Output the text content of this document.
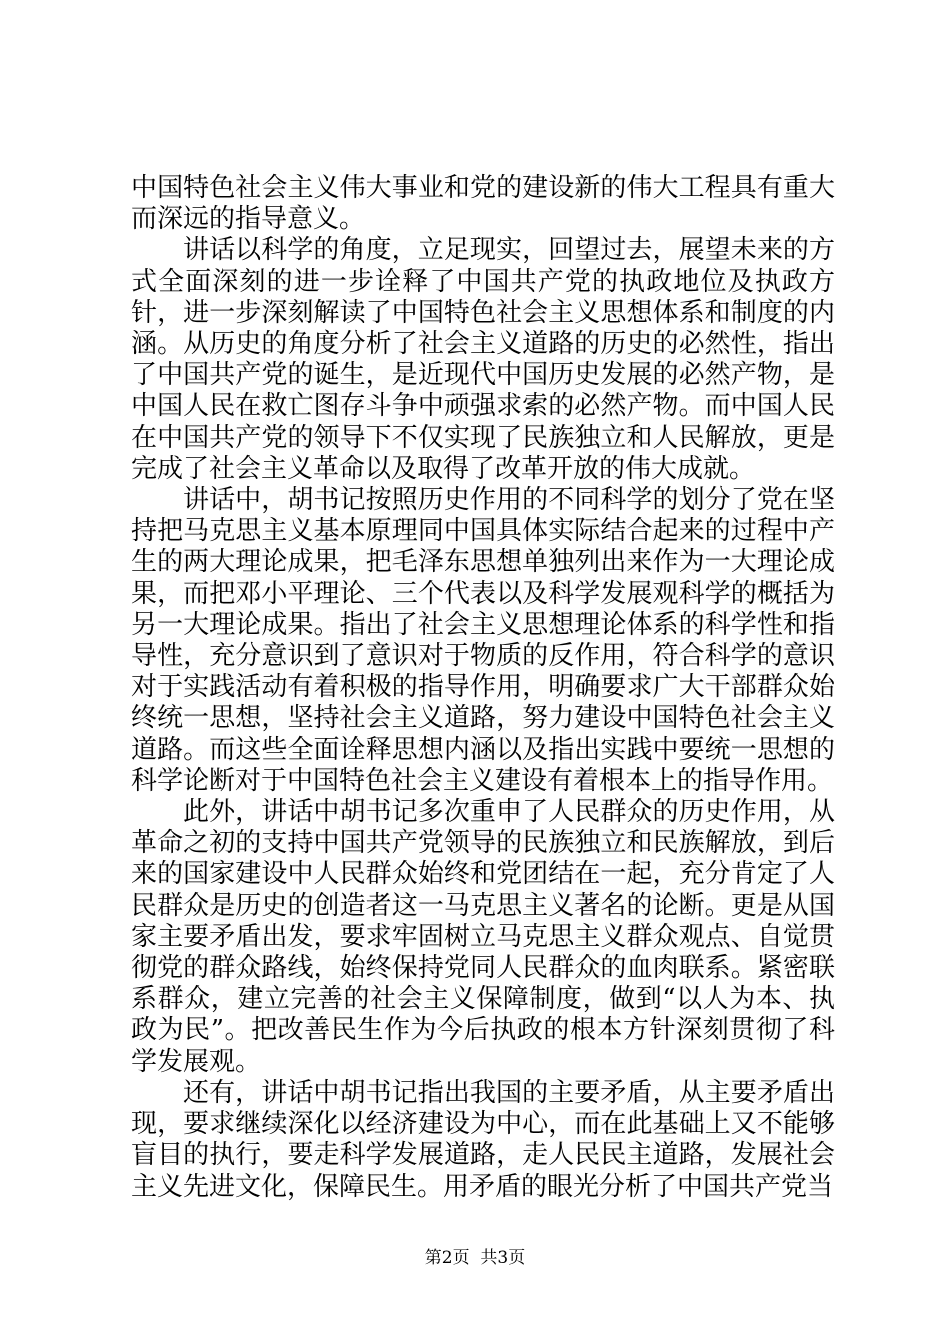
中国特色社会主义伟大事业和党的建设新的伟大工程具有重大而深远的指导意义。

讲话以科学的角度，立足现实，回望过去，展望未来的方式全面深刻的进一步诠释了中国共产党的执政地位及执政方针，进一步深刻解读了中国特色社会主义思想体系和制度的内涵。从历史的角度分析了社会主义道路的历史的必然性，指出了中国共产党的诞生，是近现代中国历史发展的必然产物，是中国人民在救亡图存斗争中顽强求索的必然产物。而中国人民在中国共产党的领导下不仅实现了民族独立和人民解放，更是完成了社会主义革命以及取得了改革开放的伟大成就。

讲话中，胡书记按照历史作用的不同科学的划分了党在坚持把马克思主义基本原理同中国具体实际结合起来的过程中产生的两大理论成果，把毛泽东思想单独列出来作为一大理论成果，而把邓小平理论、三个代表以及科学发展观科学的概括为另一大理论成果。指出了社会主义思想理论体系的科学性和指导性，充分意识到了意识对于物质的反作用，符合科学的意识对于实践活动有着积极的指导作用，明确要求广大干部群众始终统一思想，坚持社会主义道路，努力建设中国特色社会主义道路。而这些全面诠释思想内涵以及指出实践中要统一思想的科学论断对于中国特色社会主义建设有着根本上的指导作用。

此外，讲话中胡书记多次重申了人民群众的历史作用，从革命之初的支持中国共产党领导的民族独立和民族解放，到后来的国家建设中人民群众始终和党团结在一起，充分肯定了人民群众是历史的创造者这一马克思主义著名的论断。更是从国家主要矛盾出发，要求牢固树立马克思主义群众观点、自觉贯彻党的群众路线，始终保持党同人民群众的血肉联系。紧密联系群众，建立完善的社会主义保障制度，做到“以人为本、执政为民”。把改善民生作为今后执政的根本方针深刻贯彻了科学发展观。

还有，讲话中胡书记指出我国的主要矛盾，从主要矛盾出现，要求继续深化以经济建设为中心，而在此基础上又不能够盲目的执行，要走科学发展道路，走人民民主道路，发展社会主义先进文化，保障民生。用矛盾的眼光分析了中国共产党当

第2页  共3页
